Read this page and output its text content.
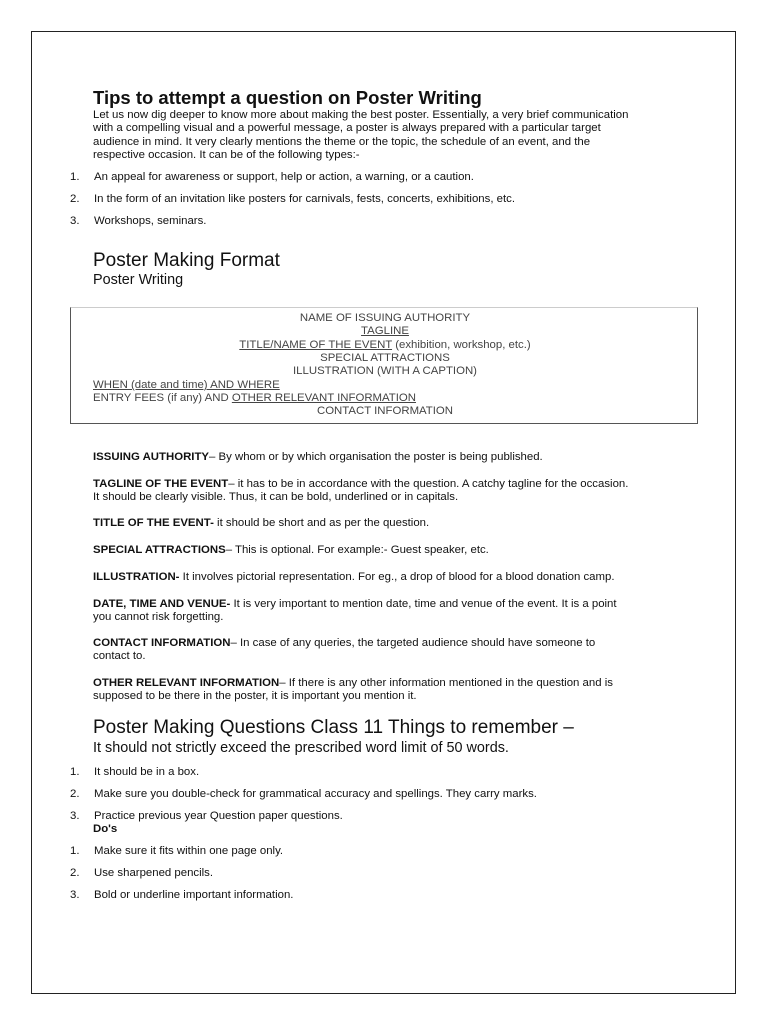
Tips to attempt a question on Poster Writing

Let us now dig deeper to know more about making the best poster. Essentially, a very brief communication

with a compelling visual and a powerful message, a poster is always prepared with a particular target

audience in mind. It very clearly mentions the theme or the topic, the schedule of an event, and the

respective occasion. It can be of the following types:-

1. An appeal for awareness or support, help or action, a warning, or a caution.
2. In the form of an invitation like posters for carnivals, fests, concerts, exhibitions, etc.
3. Workshops, seminars.
Poster Making Format
Poster Writing
NAME OF ISSUING AUTHORITY
TAGLINE
TITLE/NAME OF THE EVENT (exhibition, workshop, etc.)
SPECIAL ATTRACTIONS
ILLUSTRATION (WITH A CAPTION)
WHEN (date and time) AND WHERE
ENTRY FEES (if any) AND OTHER RELEVANT INFORMATION
CONTACT INFORMATION
ISSUING AUTHORITY– By whom or by which organisation the poster is being published.
TAGLINE OF THE EVENT– it has to be in accordance with the question. A catchy tagline for the occasion.
It should be clearly visible. Thus, it can be bold, underlined or in capitals.
TITLE OF THE EVENT- it should be short and as per the question.
SPECIAL ATTRACTIONS– This is optional. For example:- Guest speaker, etc.
ILLUSTRATION- It involves pictorial representation. For eg., a drop of blood for a blood donation camp.
DATE, TIME AND VENUE- It is very important to mention date, time and venue of the event. It is a point
you cannot risk forgetting.
CONTACT INFORMATION– In case of any queries, the targeted audience should have someone to
contact to.
OTHER RELEVANT INFORMATION– If there is any other information mentioned in the question and is
supposed to be there in the poster, it is important you mention it.
Poster Making Questions Class 11 Things to remember –
It should not strictly exceed the prescribed word limit of 50 words.
1. It should be in a box.
2. Make sure you double-check for grammatical accuracy and spellings. They carry marks.
3. Practice previous year Question paper questions.
Do's
1. Make sure it fits within one page only.
2. Use sharpened pencils.
3. Bold or underline important information.
